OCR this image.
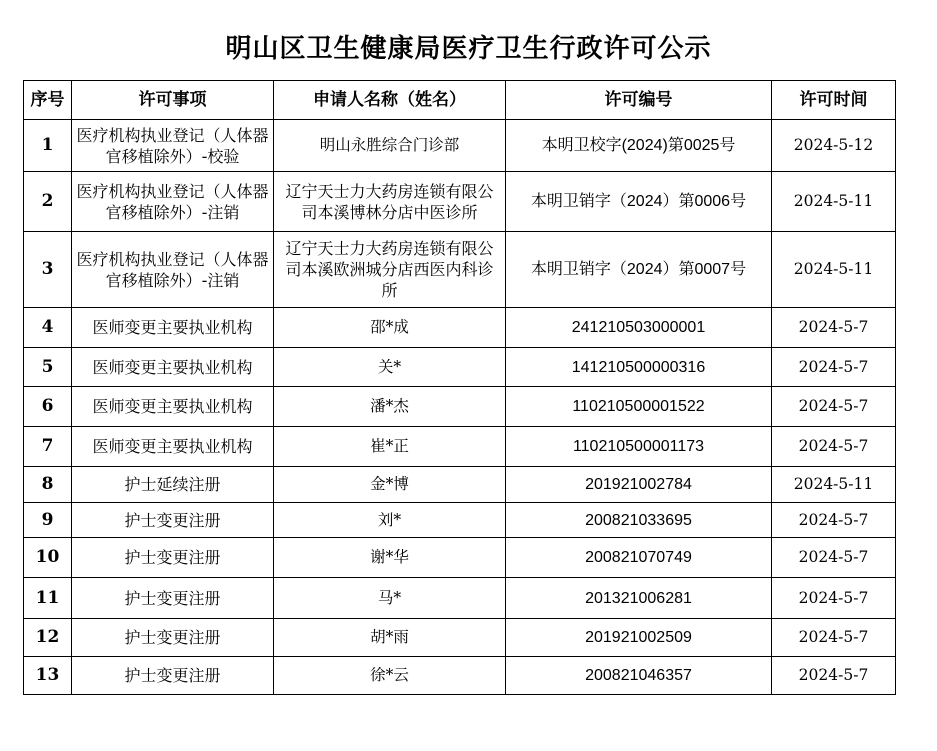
明山区卫生健康局医疗卫生行政许可公示
序号	许可事项	申请人名称（姓名）	许可编号	许可时间
1	医疗机构执业登记（人体器官移植除外）-校验	明山永胜综合门诊部	本明卫校字(2024)第0025号	2024-5-12
2	医疗机构执业登记（人体器官移植除外）-注销	辽宁天士力大药房连锁有限公司本溪博林分店中医诊所	本明卫销字（2024）第0006号	2024-5-11
3	医疗机构执业登记（人体器官移植除外）-注销	辽宁天士力大药房连锁有限公司本溪欧洲城分店西医内科诊所	本明卫销字（2024）第0007号	2024-5-11
4	医师变更主要执业机构	邵*成	241210503000001	2024-5-7
5	医师变更主要执业机构	关*	141210500000316	2024-5-7
6	医师变更主要执业机构	潘*杰	110210500001522	2024-5-7
7	医师变更主要执业机构	崔*正	110210500001173	2024-5-7
8	护士延续注册	金*博	201921002784	2024-5-11
9	护士变更注册	刘*	200821033695	2024-5-7
10	护士变更注册	谢*华	200821070749	2024-5-7
11	护士变更注册	马*	201321006281	2024-5-7
12	护士变更注册	胡*雨	201921002509	2024-5-7
13	护士变更注册	徐*云	200821046357	2024-5-7
